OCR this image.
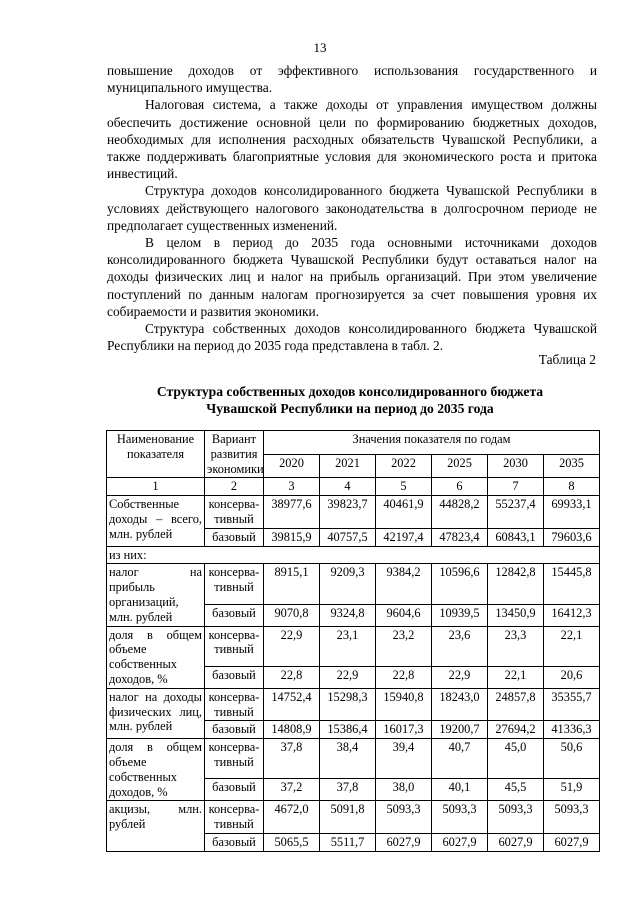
13

повышение доходов от эффективного использования государственного и муниципального имущества.

Налоговая система, а также доходы от управления имуществом должны обеспечить достижение основной цели по формированию бюджетных доходов, необходимых для исполнения расходных обязательств Чувашской Республики, а также поддерживать благоприятные условия для экономического роста и притока инвестиций.

Структура доходов консолидированного бюджета Чувашской Республики в условиях действующего налогового законодательства в долгосрочном периоде не предполагает существенных изменений.

В целом в период до 2035 года основными источниками доходов консолидированного бюджета Чувашской Республики будут оставаться налог на доходы физических лиц и налог на прибыль организаций. При этом увеличение поступлений по данным налогам прогнозируется за счет повышения уровня их собираемости и развития экономики.

Структура собственных доходов консолидированного бюджета Чувашской Республики на период до 2035 года представлена в табл. 2.

Таблица 2
Структура собственных доходов консолидированного бюджета
Чувашской Республики на период до 2035 года
Наименование показателя	Вариант развития экономики	Значения показателя по годам					
		2020	2021	2022	2025	2030	2035
1	2	3	4	5	6	7	8
Собственные доходы – всего, млн. рублей	консерва-тивный	38977,6	39823,7	40461,9	44828,2	55237,4	69933,1
	базовый	39815,9	40757,5	42197,4	47823,4	60843,1	79603,6
из них:							
налог на прибыль организаций, млн. рублей	консерва-тивный	8915,1	9209,3	9384,2	10596,6	12842,8	15445,8
	базовый	9070,8	9324,8	9604,6	10939,5	13450,9	16412,3
доля в общем объеме собственных доходов, %	консерва-тивный	22,9	23,1	23,2	23,6	23,3	22,1
	базовый	22,8	22,9	22,8	22,9	22,1	20,6
налог на доходы физических лиц, млн. рублей	консерва-тивный	14752,4	15298,3	15940,8	18243,0	24857,8	35355,7
	базовый	14808,9	15386,4	16017,3	19200,7	27694,2	41336,3
доля в общем объеме собственных доходов, %	консерва-тивный	37,8	38,4	39,4	40,7	45,0	50,6
	базовый	37,2	37,8	38,0	40,1	45,5	51,9
акцизы, млн. рублей	консерва-тивный	4672,0	5091,8	5093,3	5093,3	5093,3	5093,3
	базовый	5065,5	5511,7	6027,9	6027,9	6027,9	6027,9
